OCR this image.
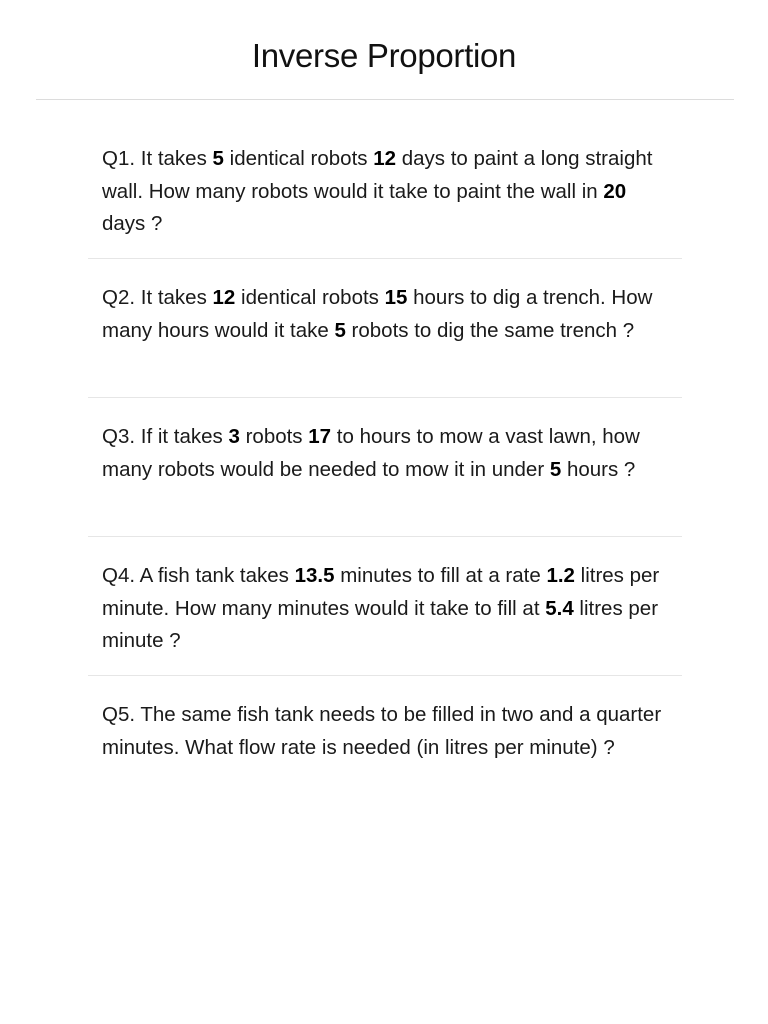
Inverse Proportion
Q1. It takes 5 identical robots 12 days to paint a long straight wall. How many robots would it take to paint the wall in 20 days ?
Q2. It takes 12 identical robots 15 hours to dig a trench. How many hours would it take 5 robots to dig the same trench ?
Q3. If it takes 3 robots 17 to hours to mow a vast lawn, how many robots would be needed to mow it in under 5 hours ?
Q4. A fish tank takes 13.5 minutes to fill at a rate 1.2 litres per minute. How many minutes would it take to fill at 5.4 litres per minute ?
Q5. The same fish tank needs to be filled in two and a quarter minutes. What flow rate is needed (in litres per minute) ?
